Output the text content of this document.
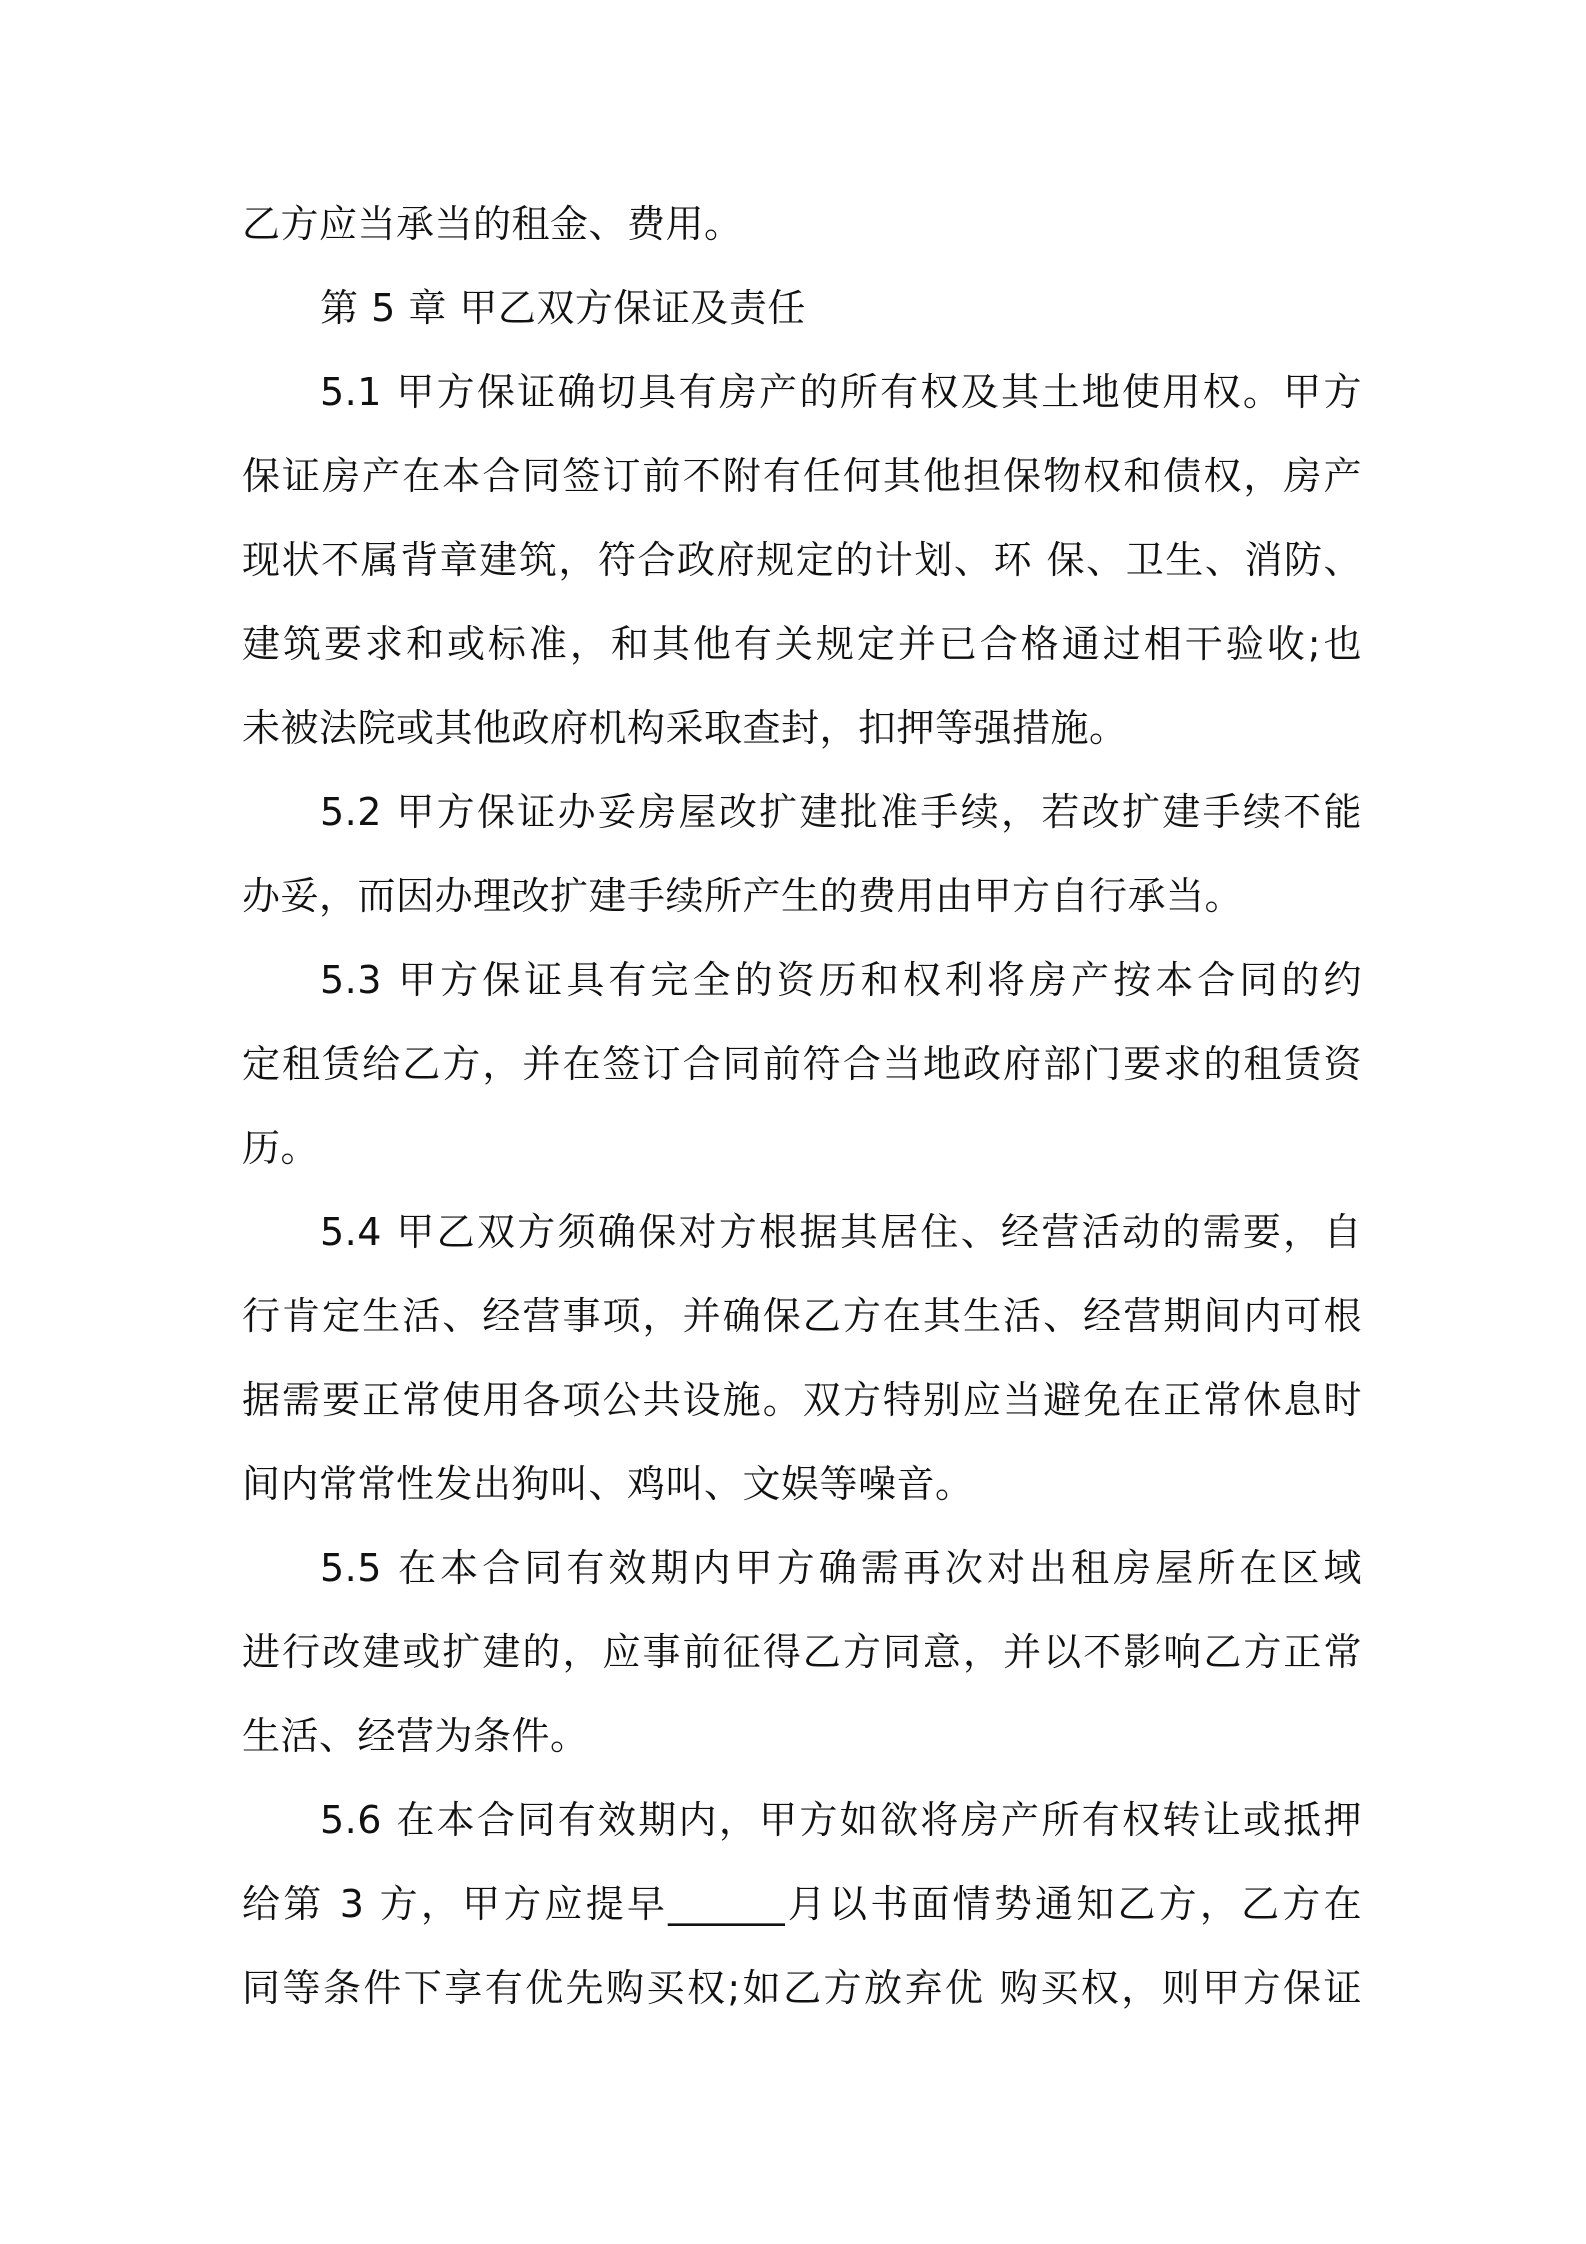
乙方应当承当的租金、费用。
第 5 章 甲乙双方保证及责任
5.1 甲方保证确切具有房产的所有权及其土地使用权。甲方
保证房产在本合同签订前不附有任何其他担保物权和债权，房产
现状不属背章建筑，符合政府规定的计划、环 保、卫生、消防、
建筑要求和或标准，和其他有关规定并已合格通过相干验收;也
未被法院或其他政府机构采取查封，扣押等强措施。
5.2 甲方保证办妥房屋改扩建批准手续，若改扩建手续不能
办妥，而因办理改扩建手续所产生的费用由甲方自行承当。
5.3 甲方保证具有完全的资历和权利将房产按本合同的约
定租赁给乙方，并在签订合同前符合当地政府部门要求的租赁资
历。
5.4 甲乙双方须确保对方根据其居住、经营活动的需要，自
行肯定生活、经营事项，并确保乙方在其生活、经营期间内可根
据需要正常使用各项公共设施。双方特别应当避免在正常休息时
间内常常性发出狗叫、鸡叫、文娱等噪音。
5.5 在本合同有效期内甲方确需再次对出租房屋所在区域
进行改建或扩建的，应事前征得乙方同意，并以不影响乙方正常
生活、经营为条件。
5.6 在本合同有效期内，甲方如欲将房产所有权转让或抵押
给第 3 方，甲方应提早______月以书面情势通知乙方，乙方在
同等条件下享有优先购买权;如乙方放弃优 购买权，则甲方保证
